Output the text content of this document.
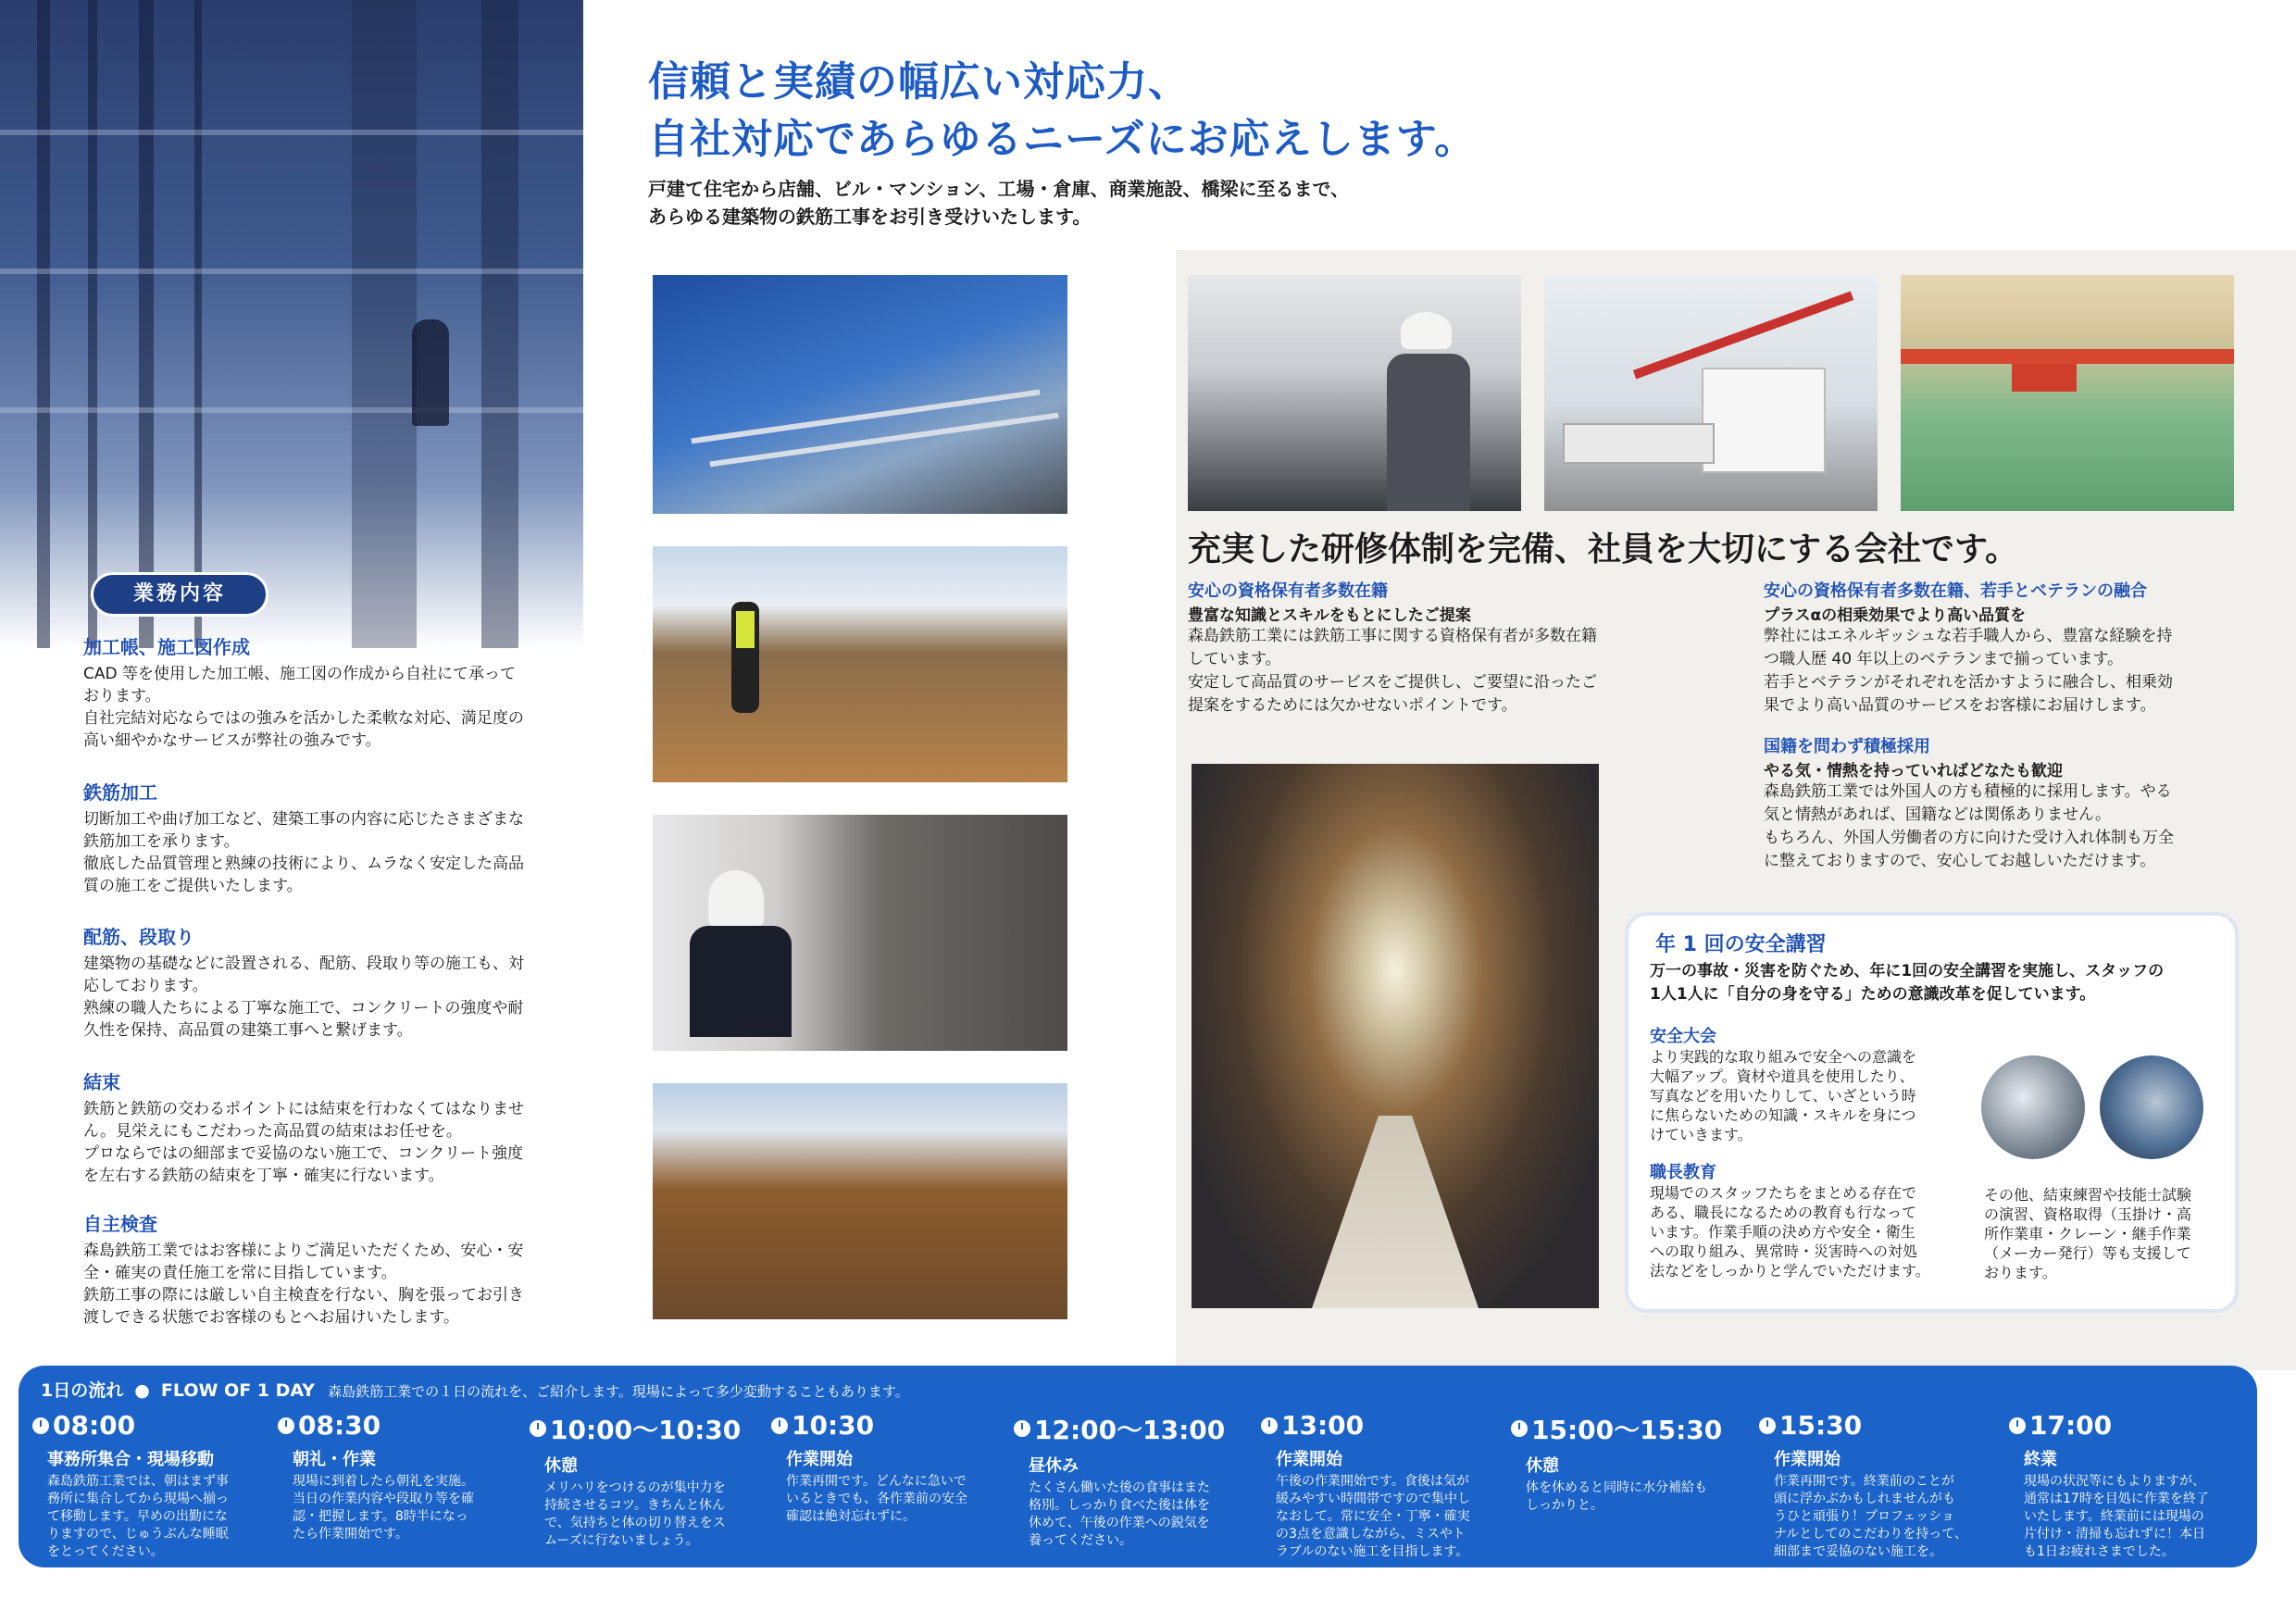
業務内容

加工帳、施工図作成

CAD 等を使用した加工帳、施工図の作成から自社にて承って
おります。
自社完結対応ならではの強みを活かした柔軟な対応、満足度の
高い細やかなサービスが弊社の強みです。

鉄筋加工

切断加工や曲げ加工など、建築工事の内容に応じたさまざまな
鉄筋加工を承ります。
徹底した品質管理と熟練の技術により、ムラなく安定した高品
質の施工をご提供いたします。

配筋、段取り

建築物の基礎などに設置される、配筋、段取り等の施工も、対
応しております。
熟練の職人たちによる丁寧な施工で、コンクリートの強度や耐
久性を保持、高品質の建築工事へと繋げます。

結束

鉄筋と鉄筋の交わるポイントには結束を行わなくてはなりませ
ん。見栄えにもこだわった高品質の結束はお任せを。
プロならではの細部まで妥協のない施工で、コンクリート強度
を左右する鉄筋の結束を丁寧・確実に行ないます。

自主検査

森島鉄筋工業ではお客様によりご満足いただくため、安心・安
全・確実の責任施工を常に目指しています。
鉄筋工事の際には厳しい自主検査を行ない、胸を張ってお引き
渡しできる状態でお客様のもとへお届けいたします。

信頼と実績の幅広い対応力、
自社対応であらゆるニーズにお応えします。
戸建て住宅から店舗、ビル・マンション、工場・倉庫、商業施設、橋梁に至るまで、
あらゆる建築物の鉄筋工事をお引き受けいたします。
充実した研修体制を完備、社員を大切にする会社です。

安心の資格保有者多数在籍

豊富な知識とスキルをもとにしたご提案

森島鉄筋工業には鉄筋工事に関する資格保有者が多数在籍
しています。
安定して高品質のサービスをご提供し、ご要望に沿ったご
提案をするためには欠かせないポイントです。

安心の資格保有者多数在籍、若手とベテランの融合

プラスαの相乗効果でより高い品質を

弊社にはエネルギッシュな若手職人から、豊富な経験を持
つ職人歴 40 年以上のベテランまで揃っています。
若手とベテランがそれぞれを活かすように融合し、相乗効
果でより高い品質のサービスをお客様にお届けします。

国籍を問わず積極採用

やる気・情熱を持っていればどなたも歓迎

森島鉄筋工業では外国人の方も積極的に採用します。やる
気と情熱があれば、国籍などは関係ありません。
もちろん、外国人労働者の方に向けた受け入れ体制も万全
に整えておりますので、安心してお越しいただけます。

年 1 回の安全講習
万一の事故・災害を防ぐため、年に1回の安全講習を実施し、スタッフの
1人1人に「自分の身を守る」ための意識改革を促しています。

安全大会

より実践的な取り組みで安全への意識を
大幅アップ。資材や道具を使用したり、
写真などを用いたりして、いざという時
に焦らないための知識・スキルを身につ
けていきます。

職長教育

現場でのスタッフたちをまとめる存在で
ある、職長になるための教育も行なって
います。作業手順の決め方や安全・衛生
への取り組み、異常時・災害時への対処
法などをしっかりと学んでいただけます。

その他、結束練習や技能士試験
の演習、資格取得（玉掛け・高
所作業車・クレーン・継手作業
（メーカー発行）等も支援して
おります。
1日の流れ ● FLOW OF 1 DAY 森島鉄筋工業での１日の流れを、ご紹介します。現場によって多少変動することもあります。
08:00
事務所集合・現場移動
森島鉄筋工業では、朝はまず事
務所に集合してから現場へ揃っ
て移動します。早めの出勤にな
りますので、じゅうぶんな睡眠
をとってください。
08:30
朝礼・作業
現場に到着したら朝礼を実施。
当日の作業内容や段取り等を確
認・把握します。8時半になっ
たら作業開始です。
10:00～10:30
休憩
メリハリをつけるのが集中力を
持続させるコツ。きちんと休ん
で、気持ちと体の切り替えをス
ムーズに行ないましょう。
10:30
作業開始
作業再開です。どんなに急いで
いるときでも、各作業前の安全
確認は絶対忘れずに。
12:00～13:00
昼休み
たくさん働いた後の食事はまた
格別。しっかり食べた後は体を
休めて、午後の作業への鋭気を
養ってください。
13:00
作業開始
午後の作業開始です。食後は気が
緩みやすい時間帯ですので集中し
なおして。常に安全・丁寧・確実
の3点を意識しながら、ミスやト
ラブルのない施工を目指します。
15:00～15:30
休憩
体を休めると同時に水分補給も
しっかりと。
15:30
作業開始
作業再開です。終業前のことが
頭に浮かぶかもしれませんがも
うひと頑張り！プロフェッショ
ナルとしてのこだわりを持って、
細部まで妥協のない施工を。
17:00
終業
現場の状況等にもよりますが、
通常は17時を目処に作業を終了
いたします。終業前には現場の
片付け・清掃も忘れずに！本日
も1日お疲れさまでした。
